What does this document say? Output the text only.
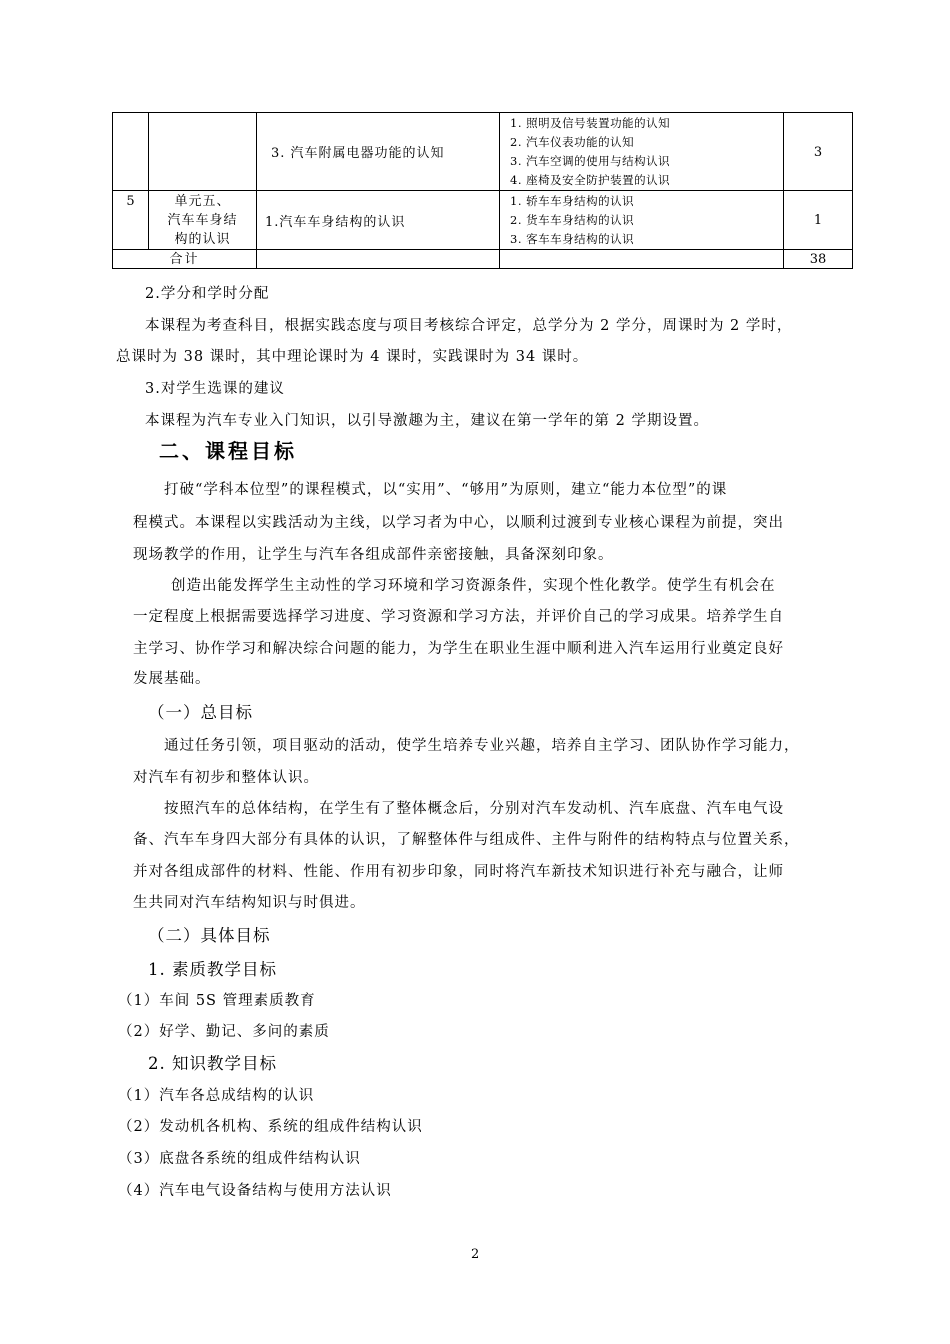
		3. 汽车附属电器功能的认知	1. 照明及信号装置功能的认知
2. 汽车仪表功能的认知
3. 汽车空调的使用与结构认识
4. 座椅及安全防护装置的认识	3
5	单元五、
汽车车身结
构的认识	1.汽车车身结构的认识	1. 轿车车身结构的认识
2. 货车车身结构的认识
3. 客车车身结构的认识	1
合计				38
2.学分和学时分配
本课程为考查科目，根据实践态度与项目考核综合评定，总学分为 2 学分，周课时为 2 学时，
总课时为 38 课时，其中理论课时为 4 课时，实践课时为 34 课时。
3.对学生选课的建议
本课程为汽车专业入门知识，以引导激趣为主，建议在第一学年的第 2 学期设置。
二、课程目标
打破“学科本位型”的课程模式，以“实用”、“够用”为原则，建立“能力本位型”的课
程模式。本课程以实践活动为主线，以学习者为中心，以顺利过渡到专业核心课程为前提，突出
现场教学的作用，让学生与汽车各组成部件亲密接触，具备深刻印象。
创造出能发挥学生主动性的学习环境和学习资源条件，实现个性化教学。使学生有机会在
一定程度上根据需要选择学习进度、学习资源和学习方法，并评价自己的学习成果。培养学生自
主学习、协作学习和解决综合问题的能力，为学生在职业生涯中顺利进入汽车运用行业奠定良好
发展基础。
（一）总目标
通过任务引领，项目驱动的活动，使学生培养专业兴趣，培养自主学习、团队协作学习能力，
对汽车有初步和整体认识。
按照汽车的总体结构，在学生有了整体概念后，分别对汽车发动机、汽车底盘、汽车电气设
备、汽车车身四大部分有具体的认识，了解整体件与组成件、主件与附件的结构特点与位置关系，
并对各组成部件的材料、性能、作用有初步印象，同时将汽车新技术知识进行补充与融合，让师
生共同对汽车结构知识与时俱进。
（二）具体目标
1. 素质教学目标
（1）车间 5S 管理素质教育
（2）好学、勤记、多问的素质
2. 知识教学目标
（1）汽车各总成结构的认识
（2）发动机各机构、系统的组成件结构认识
（3）底盘各系统的组成件结构认识
（4）汽车电气设备结构与使用方法认识
2
